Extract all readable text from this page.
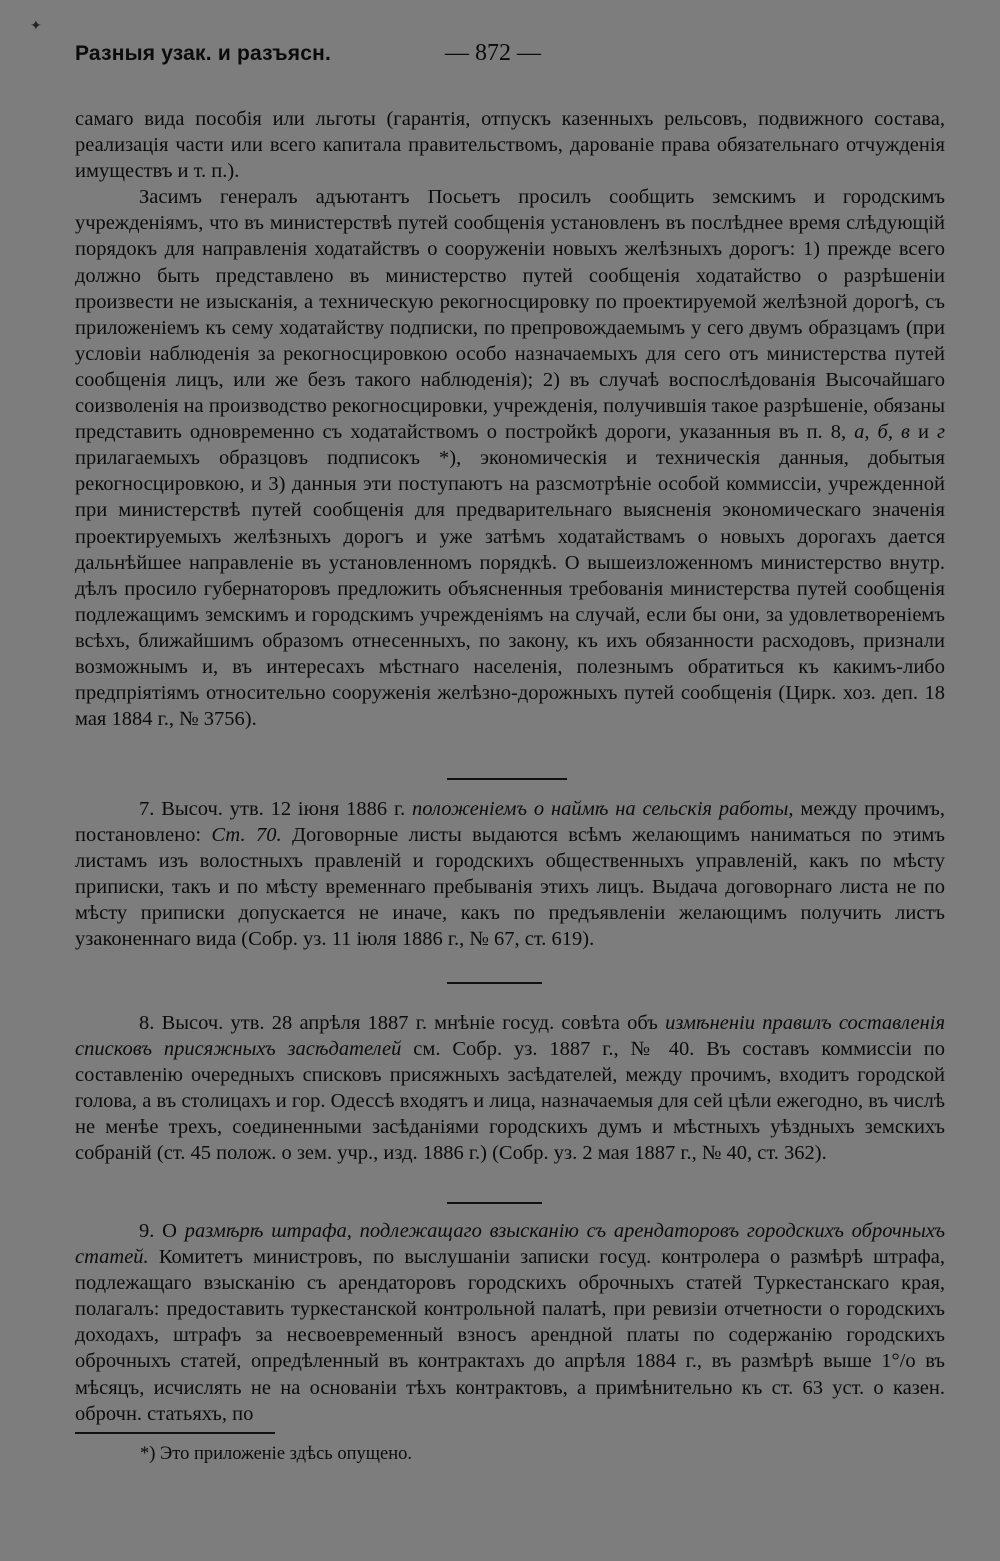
✦
Разныя узак. и разъясн.	— 872 —

самаго вида пособія или льготы (гарантія, отпускъ казенныхъ рельсовъ, подвижного состава, реализація части или всего капитала правительствомъ, дарованіе права обязательнаго отчужденія имуществъ и т. п.).

Засимъ генералъ адъютантъ Посьетъ просилъ сообщить земскимъ и городскимъ учрежденіямъ, что въ министерствѣ путей сообщенія установленъ въ послѣднее время слѣдующій порядокъ для направленія ходатайствъ о сооруженіи новыхъ желѣзныхъ дорогъ: 1) прежде всего должно быть представлено въ министерство путей сообщенія ходатайство о разрѣшеніи произвести не изысканія, а техническую рекогносцировку по проектируемой желѣзной дорогѣ, съ приложеніемъ къ сему ходатайству подписки, по препровождаемымъ у сего двумъ образцамъ (при условіи наблюденія за рекогносцировкою особо назначаемыхъ для сего отъ министерства путей сообщенія лицъ, или же безъ такого наблюденія); 2) въ случаѣ воспослѣдованія Высочайшаго соизволенія на производство рекогносцировки, учрежденія, получившія такое разрѣшеніе, обязаны представить одновременно съ ходатайствомъ о постройкѣ дороги, указанныя въ п. 8, а, б, в и г прилагаемыхъ образцовъ подписокъ *), экономическія и техническія данныя, добытыя рекогносцировкою, и 3) данныя эти поступаютъ на разсмотрѣніе особой коммиссіи, учрежденной при министерствѣ путей сообщенія для предварительнаго выясненія экономическаго значенія проектируемыхъ желѣзныхъ дорогъ и уже затѣмъ ходатайствамъ о новыхъ дорогахъ дается дальнѣйшее направленіе въ установленномъ порядкѣ. О вышеизложенномъ министерство внутр. дѣлъ просило губернаторовъ предложить объясненныя требованія министерства путей сообщенія подлежащимъ земскимъ и городскимъ учрежденіямъ на случай, если бы они, за удовлетвореніемъ всѣхъ, ближайшимъ образомъ отнесенныхъ, по закону, къ ихъ обязанности расходовъ, признали возможнымъ и, въ интересахъ мѣстнаго населенія, полезнымъ обратиться къ какимъ-либо предпріятіямъ относительно сооруженія желѣзно-дорожныхъ путей сообщенія (Цирк. хоз. деп. 18 мая 1884 г., № 3756).

7. Высоч. утв. 12 іюня 1886 г. положеніемъ о наймѣ на сельскія работы, между прочимъ, постановлено: Ст. 70. Договорные листы выдаются всѣмъ желающимъ наниматься по этимъ листамъ изъ волостныхъ правленій и городскихъ общественныхъ управленій, какъ по мѣсту приписки, такъ и по мѣсту временнаго пребыванія этихъ лицъ. Выдача договорнаго листа не по мѣсту приписки допускается не иначе, какъ по предъявленіи желающимъ получить листъ узаконеннаго вида (Собр. уз. 11 іюля 1886 г., № 67, ст. 619).

8. Высоч. утв. 28 апрѣля 1887 г. мнѣніе госуд. совѣта объ измѣненіи правилъ составленія списковъ присяжныхъ засѣдателей см. Собр. уз. 1887 г., № 40. Въ составъ коммиссіи по составленію очередныхъ списковъ присяжныхъ засѣдателей, между прочимъ, входитъ городской голова, а въ столицахъ и гор. Одессѣ входятъ и лица, назначаемыя для сей цѣли ежегодно, въ числѣ не менѣе трехъ, соединенными засѣданіями городскихъ думъ и мѣстныхъ уѣздныхъ земскихъ собраній (ст. 45 полож. о зем. учр., изд. 1886 г.) (Собр. уз. 2 мая 1887 г., № 40, ст. 362).

9. О размѣрѣ штрафа, подлежащаго взысканію съ арендаторовъ городскихъ оброчныхъ статей. Комитетъ министровъ, по выслушаніи записки госуд. контролера о размѣрѣ штрафа, подлежащаго взысканію съ арендаторовъ городскихъ оброчныхъ статей Туркестанскаго края, полагалъ: предоставить туркестанской контрольной палатѣ, при ревизіи отчетности о городскихъ доходахъ, штрафъ за несвоевременный взносъ арендной платы по содержанію городскихъ оброчныхъ статей, опредѣленный въ контрактахъ до апрѣля 1884 г., въ размѣрѣ выше 1°/о въ мѣсяцъ, исчислять не на основаніи тѣхъ контрактовъ, а примѣнительно къ ст. 63 уст. о казен. оброчн. статьяхъ, по

*) Это приложеніе здѣсь опущено.
